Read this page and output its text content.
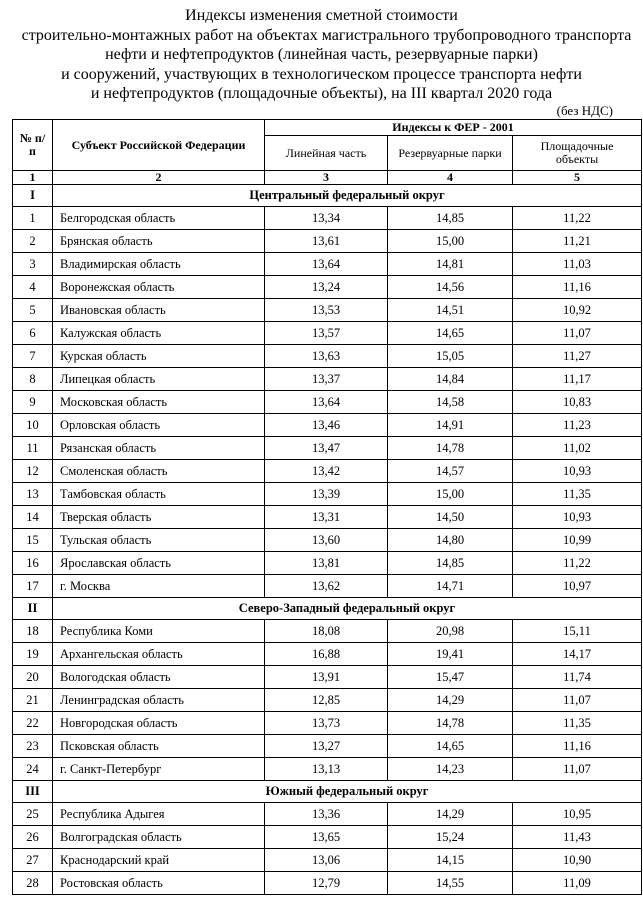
Индексы изменения сметной стоимости
строительно-монтажных работ на объектах магистрального трубопроводного транспорта
нефти и нефтепродуктов (линейная часть, резервуарные парки)
и сооружений, участвующих в технологическом процессе транспорта нефти
и нефтепродуктов (площадочные объекты), на III квартал 2020 года
(без НДС)
№ п/п	Субъект Российской Федерации	Индексы к ФЕР - 2001		
		Линейная часть	Резервуарные парки	Площадочные объекты
1	2	3	4	5
I	Центральный федеральный округ			
1	Белгородская область	13,34	14,85	11,22
2	Брянская область	13,61	15,00	11,21
3	Владимирская область	13,64	14,81	11,03
4	Воронежская область	13,24	14,56	11,16
5	Ивановская область	13,53	14,51	10,92
6	Калужская область	13,57	14,65	11,07
7	Курская область	13,63	15,05	11,27
8	Липецкая область	13,37	14,84	11,17
9	Московская область	13,64	14,58	10,83
10	Орловская область	13,46	14,91	11,23
11	Рязанская область	13,47	14,78	11,02
12	Смоленская область	13,42	14,57	10,93
13	Тамбовская область	13,39	15,00	11,35
14	Тверская область	13,31	14,50	10,93
15	Тульская область	13,60	14,80	10,99
16	Ярославская область	13,81	14,85	11,22
17	г. Москва	13,62	14,71	10,97
II	Северо-Западный федеральный округ			
18	Республика Коми	18,08	20,98	15,11
19	Архангельская область	16,88	19,41	14,17
20	Вологодская область	13,91	15,47	11,74
21	Ленинградская область	12,85	14,29	11,07
22	Новгородская область	13,73	14,78	11,35
23	Псковская область	13,27	14,65	11,16
24	г. Санкт-Петербург	13,13	14,23	11,07
III	Южный федеральный округ			
25	Республика Адыгея	13,36	14,29	10,95
26	Волгоградская область	13,65	15,24	11,43
27	Краснодарский край	13,06	14,15	10,90
28	Ростовская область	12,79	14,55	11,09
